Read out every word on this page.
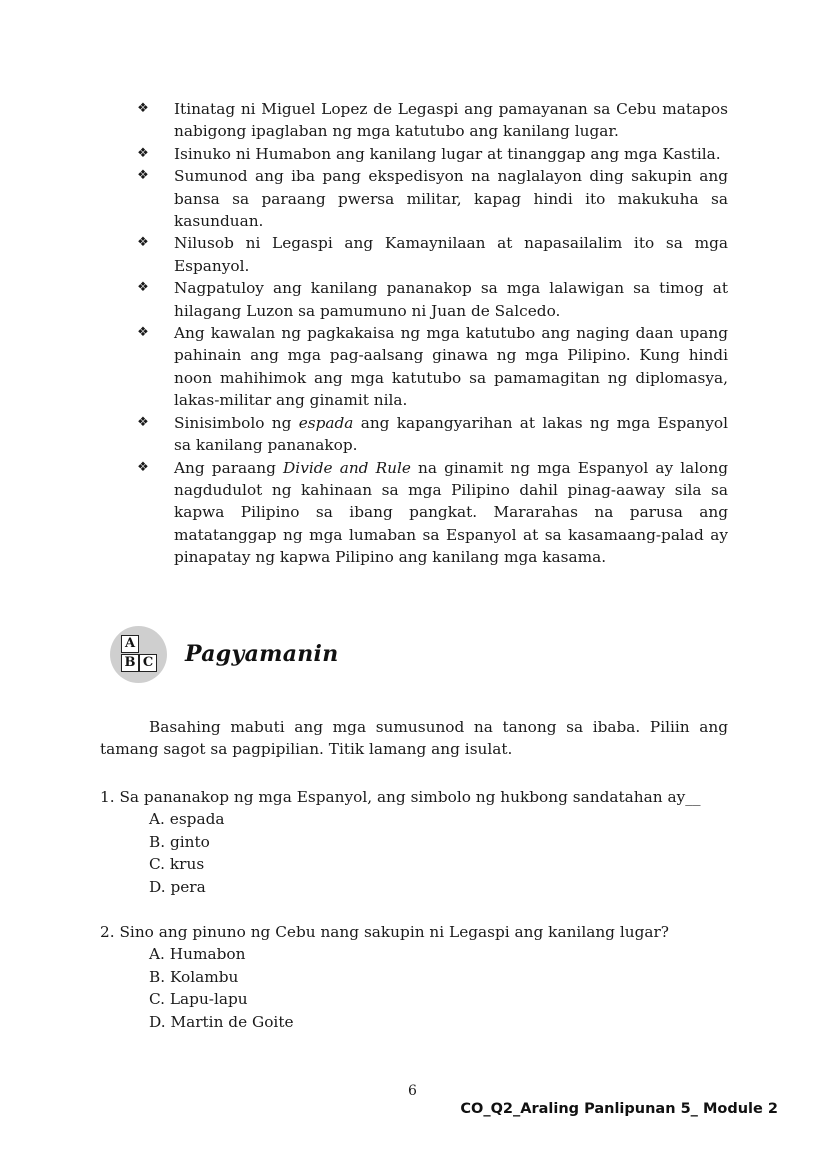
❖ Itinatag ni Miguel Lopez de Legaspi ang pamayanan sa Cebu matapos nabigong ipaglaban ng mga katutubo ang kanilang lugar.
❖ Isinuko ni Humabon ang kanilang lugar at tinanggap ang mga Kastila.
❖ Sumunod ang iba pang ekspedisyon na naglalayon ding sakupin ang bansa sa paraang pwersa militar, kapag hindi ito makukuha sa kasunduan.
❖ Nilusob ni Legaspi ang Kamaynilaan at napasailalim ito sa mga Espanyol.
❖ Nagpatuloy ang kanilang pananakop sa mga lalawigan sa timog at hilagang Luzon sa pamumuno ni Juan de Salcedo.
❖ Ang kawalan ng pagkakaisa ng mga katutubo ang naging daan upang pahinain ang mga pag-aalsang ginawa ng mga Pilipino. Kung hindi noon mahihimok ang mga katutubo sa pamamagitan ng diplomasya, lakas-militar ang ginamit nila.
❖ Sinisimbolo ng espada ang kapangyarihan at lakas ng mga Espanyol sa kanilang pananakop.
❖ Ang paraang Divide and Rule na ginamit ng mga Espanyol ay lalong nagdudulot ng kahinaan sa mga Pilipino dahil pinag-aaway sila sa kapwa Pilipino sa ibang pangkat. Mararahas na parusa ang matatanggap ng mga lumaban sa Espanyol at sa kasamaang-palad ay pinapatay ng kapwa Pilipino ang kanilang mga kasama.
A
B C Pagyamanin

Basahing mabuti ang mga sumusunod na tanong sa ibaba. Piliin ang tamang sagot sa pagpipilian. Titik lamang ang isulat.

1. Sa pananakop ng mga Espanyol, ang simbolo ng hukbong sandatahan ay__
A. espada
B. ginto
C. krus
D. pera
2. Sino ang pinuno ng Cebu nang sakupin ni Legaspi ang kanilang lugar?
A. Humabon
B. Kolambu
C. Lapu-lapu
D. Martin de Goite
6
CO_Q2_Araling Panlipunan 5_ Module 2
